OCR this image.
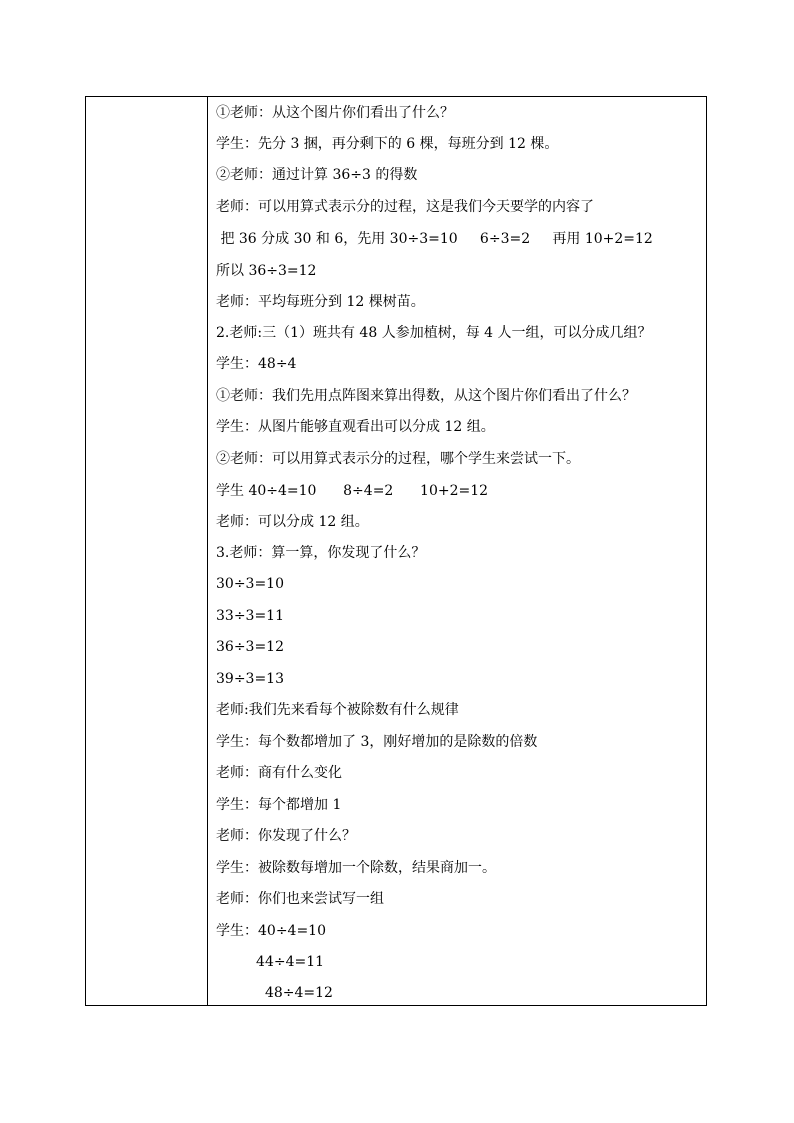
①老师：从这个图片你们看出了什么？
学生：先分 3 捆，再分剩下的 6 棵，每班分到 12 棵。
②老师：通过计算 36÷3 的得数
老师：可以用算式表示分的过程，这是我们今天要学的内容了
把 36 分成 30 和 6，先用 30÷3=10     6÷3=2     再用 10+2=12
所以 36÷3=12
老师：平均每班分到 12 棵树苗。
2.老师:三（1）班共有 48 人参加植树，每 4 人一组，可以分成几组？
学生：48÷4
①老师：我们先用点阵图来算出得数，从这个图片你们看出了什么？
学生：从图片能够直观看出可以分成 12 组。
②老师：可以用算式表示分的过程，哪个学生来尝试一下。
学生 40÷4=10      8÷4=2      10+2=12
老师：可以分成 12 组。
3.老师：算一算，你发现了什么？
30÷3=10
33÷3=11
36÷3=12
39÷3=13
老师:我们先来看每个被除数有什么规律
学生：每个数都增加了 3，刚好增加的是除数的倍数
老师：商有什么变化
学生：每个都增加 1
老师：你发现了什么？
学生：被除数每增加一个除数，结果商加一。
老师：你们也来尝试写一组
学生：40÷4=10
44÷4=11
48÷4=12
